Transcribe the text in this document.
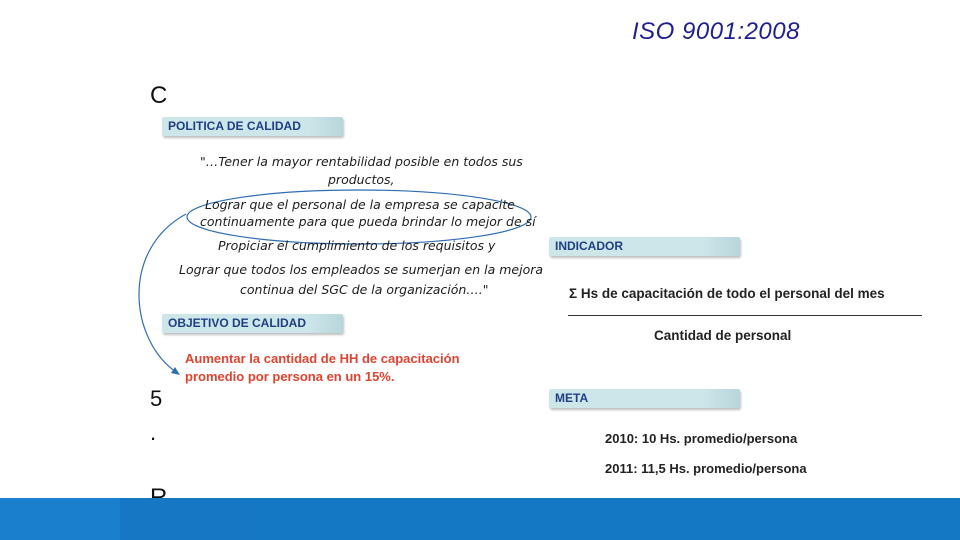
ISO 9001:2008
C
5
.
POLITICA DE CALIDAD
"…Tener la mayor rentabilidad posible en todos sus
productos,
Lograr que el personal de la empresa se capacite
continuamente para que pueda brindar lo mejor de sí
Propiciar el cumplimiento de los requisitos y
Lograr que todos los empleados se sumerjan en la mejora
continua del SGC de la organización…."
OBJETIVO DE CALIDAD
Aumentar la cantidad de HH de capacitación
promedio por persona en un 15%.
INDICADOR
Σ Hs de capacitación de todo el personal del mes
Cantidad de personal
META
2010: 10 Hs. promedio/persona
2011: 11,5 Hs. promedio/persona
